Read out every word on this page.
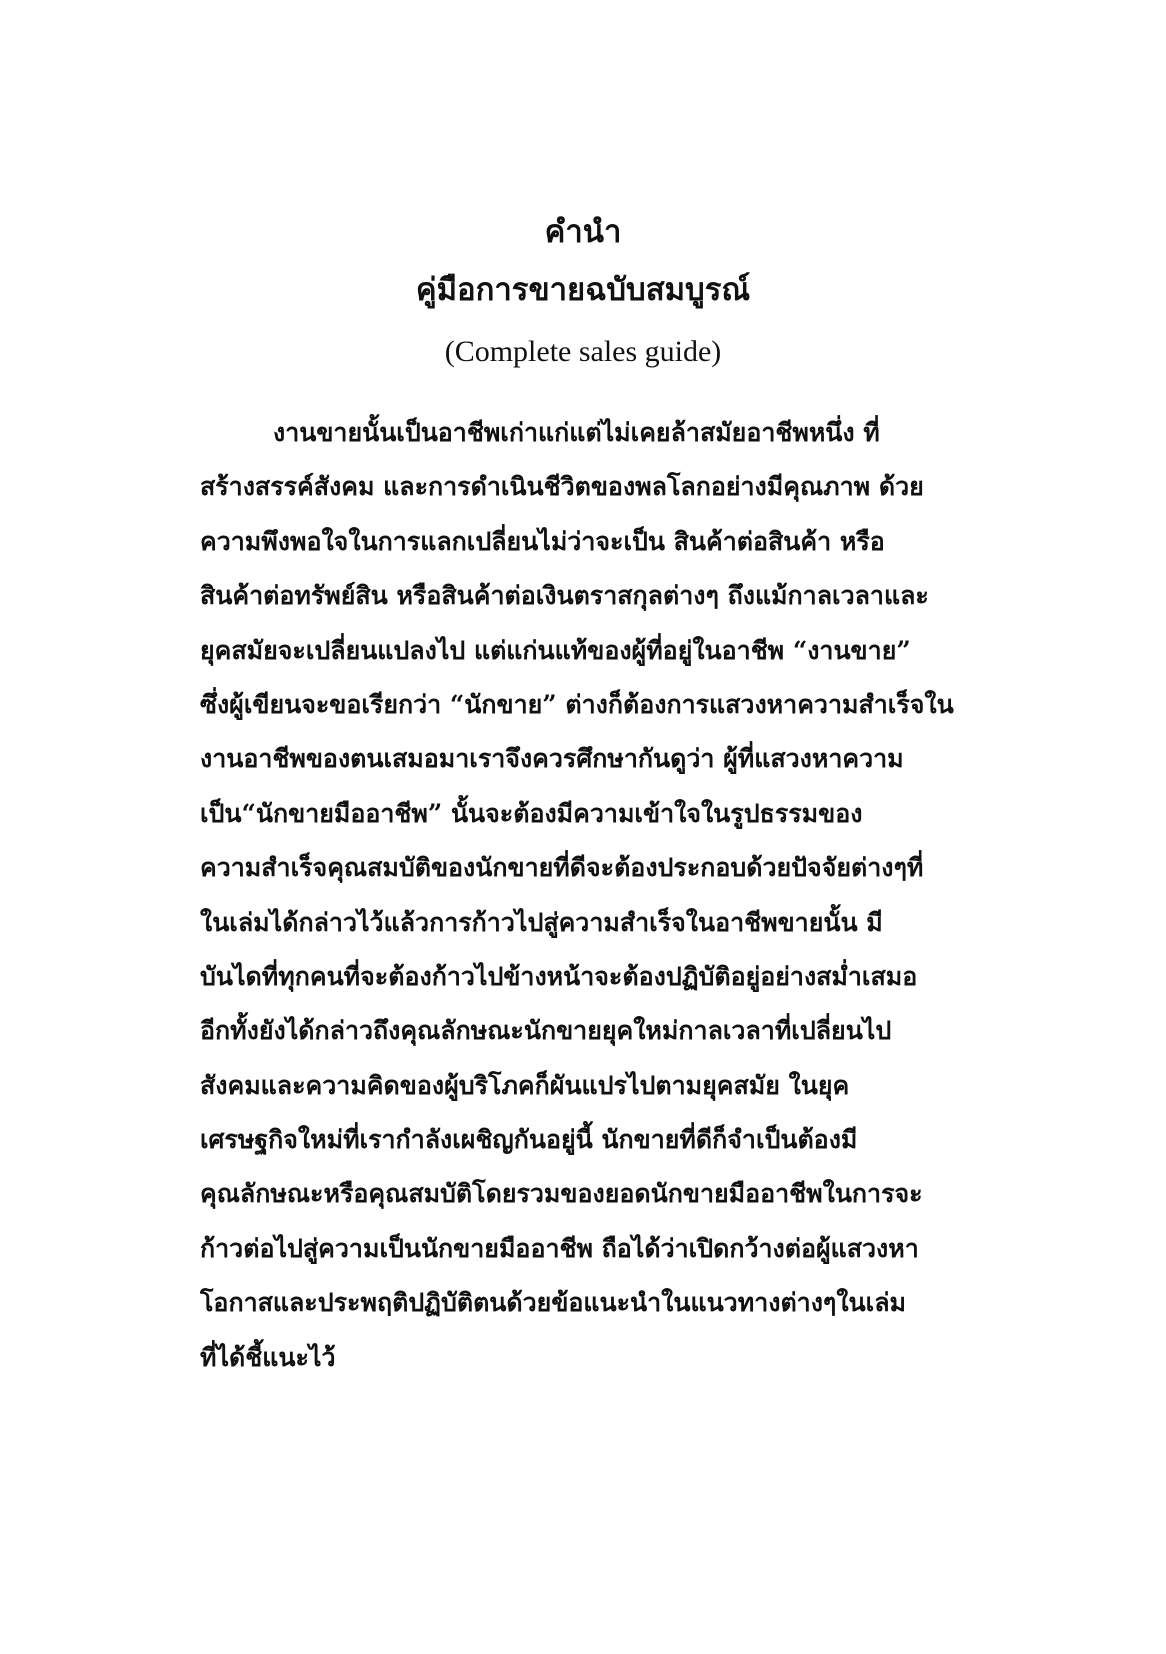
คำนำ
คู่มือการขายฉบับสมบูรณ์
(Complete sales guide)
งานขายนั้นเป็นอาชีพเก่าแก่แต่ไม่เคยล้าสมัยอาชีพหนึ่ง ที่
สร้างสรรค์สังคม และการดำเนินชีวิตของพลโลกอย่างมีคุณภาพ ด้วย
ความพึงพอใจในการแลกเปลี่ยนไม่ว่าจะเป็น สินค้าต่อสินค้า หรือ
สินค้าต่อทรัพย์สิน หรือสินค้าต่อเงินตราสกุลต่างๆ ถึงแม้กาลเวลาและ
ยุคสมัยจะเปลี่ยนแปลงไป แต่แก่นแท้ของผู้ที่อยู่ในอาชีพ “งานขาย”
ซึ่งผู้เขียนจะขอเรียกว่า “นักขาย” ต่างก็ต้องการแสวงหาความสำเร็จใน
งานอาชีพของตนเสมอมาเราจึงควรศึกษากันดูว่า ผู้ที่แสวงหาความ
เป็น“นักขายมืออาชีพ” นั้นจะต้องมีความเข้าใจในรูปธรรมของ
ความสำเร็จคุณสมบัติของนักขายที่ดีจะต้องประกอบด้วยปัจจัยต่างๆที่
ในเล่มได้กล่าวไว้แล้วการก้าวไปสู่ความสำเร็จในอาชีพขายนั้น มี
บันไดที่ทุกคนที่จะต้องก้าวไปข้างหน้าจะต้องปฏิบัติอยู่อย่างสม่ำเสมอ
อีกทั้งยังได้กล่าวถึงคุณลักษณะนักขายยุคใหม่กาลเวลาที่เปลี่ยนไป
สังคมและความคิดของผู้บริโภคก็ผันแปรไปตามยุคสมัย ในยุค
เศรษฐกิจใหม่ที่เรากำลังเผชิญกันอยู่นี้ นักขายที่ดีก็จำเป็นต้องมี
คุณลักษณะหรือคุณสมบัติโดยรวมของยอดนักขายมืออาชีพในการจะ
ก้าวต่อไปสู่ความเป็นนักขายมืออาชีพ ถือได้ว่าเปิดกว้างต่อผู้แสวงหา
โอกาสและประพฤติปฏิบัติตนด้วยข้อแนะนำในแนวทางต่างๆในเล่ม
ที่ได้ชี้แนะไว้
